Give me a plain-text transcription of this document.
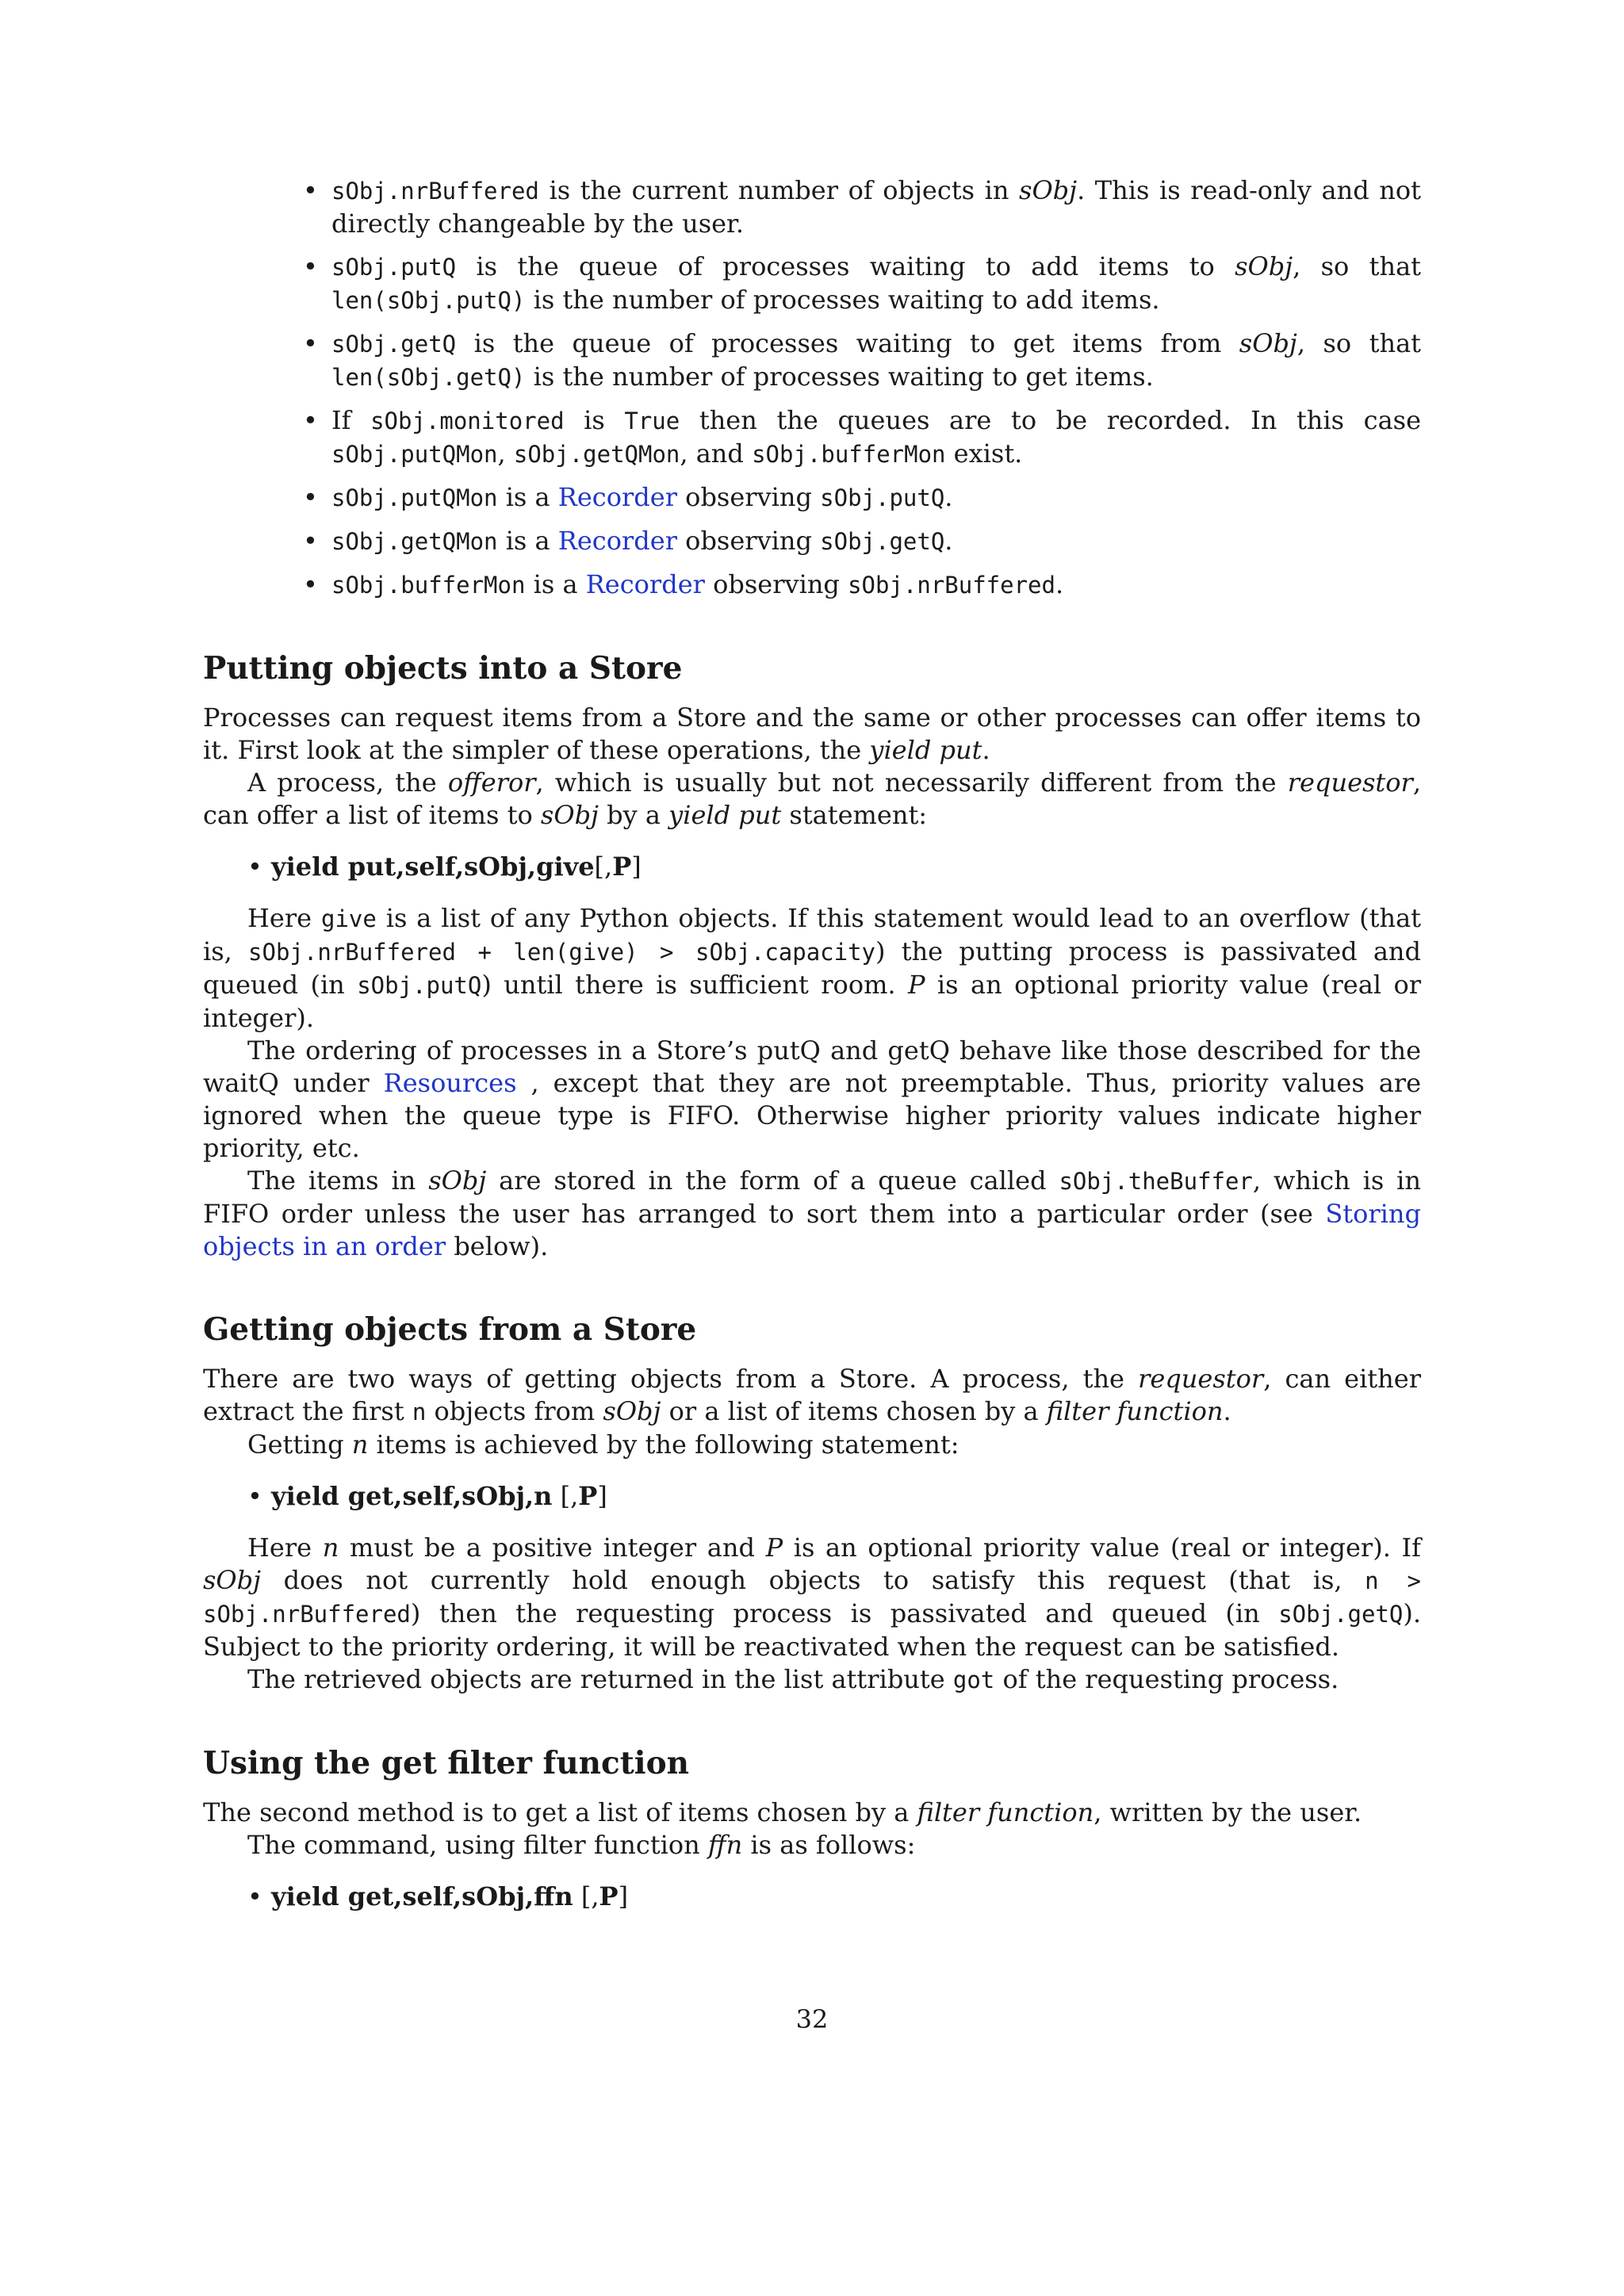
• sObj.nrBuffered is the current number of objects in sObj. This is read-only and not directly changeable by the user.
• sObj.putQ is the queue of processes waiting to add items to sObj, so that len(sObj.putQ) is the number of processes waiting to add items.
• sObj.getQ is the queue of processes waiting to get items from sObj, so that len(sObj.getQ) is the number of processes waiting to get items.
• If sObj.monitored is True then the queues are to be recorded. In this case sObj.putQMon, sObj.getQMon, and sObj.bufferMon exist.
• sObj.putQMon is a Recorder observing sObj.putQ.
• sObj.getQMon is a Recorder observing sObj.getQ.
• sObj.bufferMon is a Recorder observing sObj.nrBuffered.
Putting objects into a Store

Processes can request items from a Store and the same or other processes can offer items to it. First look at the simpler of these operations, the yield put.

A process, the offeror, which is usually but not necessarily different from the requestor, can offer a list of items to sObj by a yield put statement:

• yield put,self,sObj,give[,P]

Here give is a list of any Python objects. If this statement would lead to an overflow (that is, sObj.nrBuffered + len(give) > sObj.capacity) the putting process is passivated and queued (in sObj.putQ) until there is sufficient room. P is an optional priority value (real or integer).

The ordering of processes in a Store’s putQ and getQ behave like those described for the waitQ under Resources , except that they are not preemptable. Thus, priority values are ignored when the queue type is FIFO. Otherwise higher priority values indicate higher priority, etc.

The items in sObj are stored in the form of a queue called sObj.theBuffer, which is in FIFO order unless the user has arranged to sort them into a particular order (see Storing objects in an order below).

Getting objects from a Store

There are two ways of getting objects from a Store. A process, the requestor, can either extract the first n objects from sObj or a list of items chosen by a filter function.

Getting n items is achieved by the following statement:

• yield get,self,sObj,n [,P]

Here n must be a positive integer and P is an optional priority value (real or integer). If sObj does not currently hold enough objects to satisfy this request (that is, n > sObj.nrBuffered) then the requesting process is passivated and queued (in sObj.getQ). Subject to the priority ordering, it will be reactivated when the request can be satisfied.

The retrieved objects are returned in the list attribute got of the requesting process.

Using the get filter function

The second method is to get a list of items chosen by a filter function, written by the user.

The command, using filter function ffn is as follows:

• yield get,self,sObj,ffn [,P]
32
